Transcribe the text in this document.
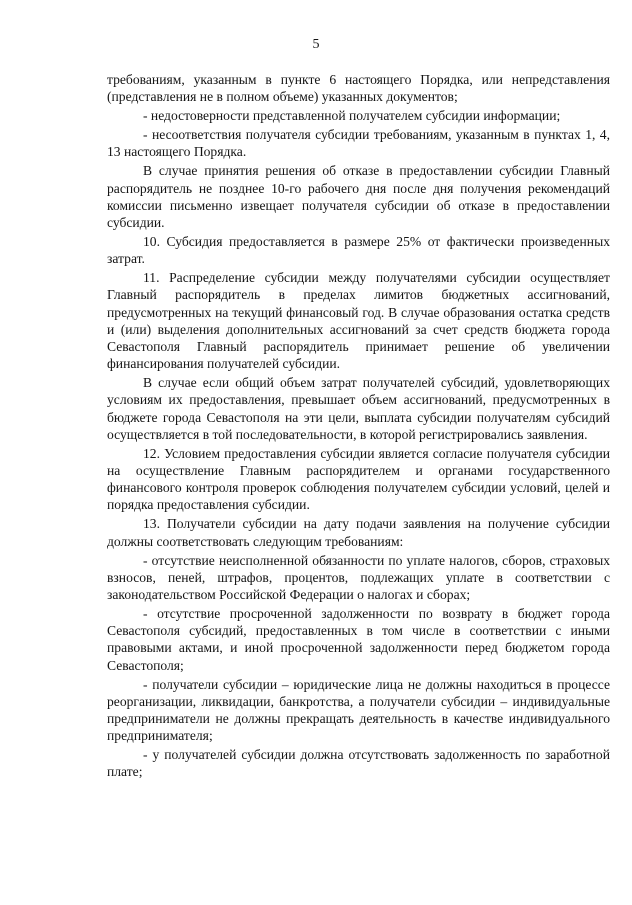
5

требованиям, указанным в пункте 6 настоящего Порядка, или непредставления (представления не в полном объеме) указанных документов;

- недостоверности представленной получателем субсидии информации;

- несоответствия получателя субсидии требованиям, указанным в пунктах 1, 4, 13 настоящего Порядка.

В случае принятия решения об отказе в предоставлении субсидии Главный распорядитель не позднее 10-го рабочего дня после дня получения рекомендаций комиссии письменно извещает получателя субсидии об отказе в предоставлении субсидии.

10. Субсидия предоставляется в размере 25% от фактически произведенных затрат.

11. Распределение субсидии между получателями субсидии осуществляет Главный распорядитель в пределах лимитов бюджетных ассигнований, предусмотренных на текущий финансовый год. В случае образования остатка средств и (или) выделения дополнительных ассигнований за счет средств бюджета города Севастополя Главный распорядитель принимает решение об увеличении финансирования получателей субсидии.

В случае если общий объем затрат получателей субсидий, удовлетворяющих условиям их предоставления, превышает объем ассигнований, предусмотренных в бюджете города Севастополя на эти цели, выплата субсидии получателям субсидий осуществляется в той последовательности, в которой регистрировались заявления.

12. Условием предоставления субсидии является согласие получателя субсидии на осуществление Главным распорядителем и органами государственного финансового контроля проверок соблюдения получателем субсидии условий, целей и порядка предоставления субсидии.

13. Получатели субсидии на дату подачи заявления на получение субсидии должны соответствовать следующим требованиям:

- отсутствие неисполненной обязанности по уплате налогов, сборов, страховых взносов, пеней, штрафов, процентов, подлежащих уплате в соответствии с законодательством Российской Федерации о налогах и сборах;

- отсутствие просроченной задолженности по возврату в бюджет города Севастополя субсидий, предоставленных в том числе в соответствии с иными правовыми актами, и иной просроченной задолженности перед бюджетом города Севастополя;

- получатели субсидии – юридические лица не должны находиться в процессе реорганизации, ликвидации, банкротства, а получатели субсидии – индивидуальные предприниматели не должны прекращать деятельность в качестве индивидуального предпринимателя;

- у получателей субсидии должна отсутствовать задолженность по заработной плате;
